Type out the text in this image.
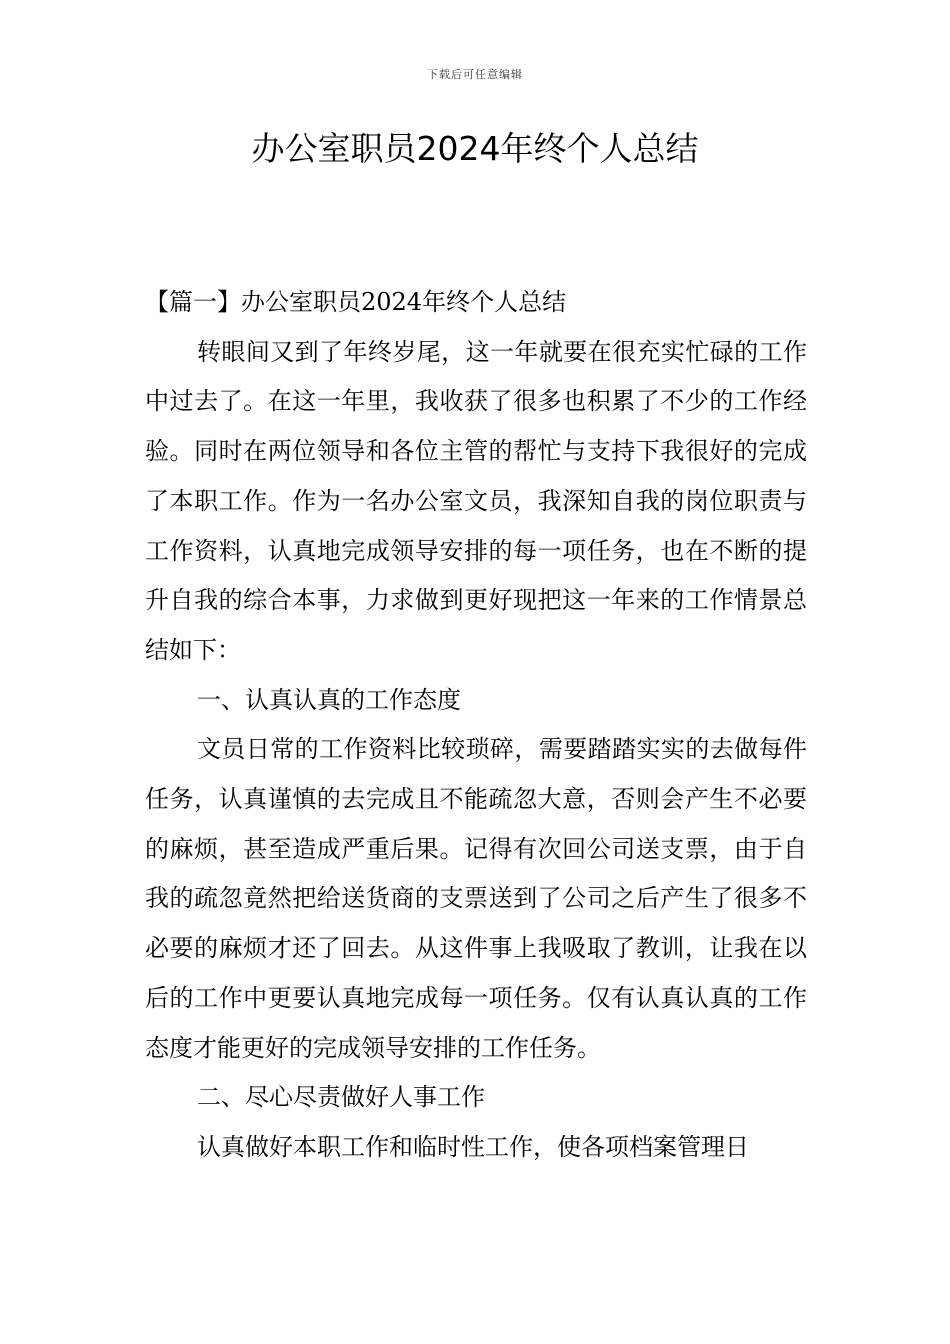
下载后可任意编辑
办公室职员2024年终个人总结

【篇一】办公室职员2024年终个人总结

转眼间又到了年终岁尾，这一年就要在很充实忙碌的工作中过去了。在这一年里，我收获了很多也积累了不少的工作经验。同时在两位领导和各位主管的帮忙与支持下我很好的完成了本职工作。作为一名办公室文员，我深知自我的岗位职责与工作资料，认真地完成领导安排的每一项任务，也在不断的提升自我的综合本事，力求做到更好现把这一年来的工作情景总结如下：

一、认真认真的工作态度

文员日常的工作资料比较琐碎，需要踏踏实实的去做每件任务，认真谨慎的去完成且不能疏忽大意，否则会产生不必要的麻烦，甚至造成严重后果。记得有次回公司送支票，由于自我的疏忽竟然把给送货商的支票送到了公司之后产生了很多不必要的麻烦才还了回去。从这件事上我吸取了教训，让我在以后的工作中更要认真地完成每一项任务。仅有认真认真的工作态度才能更好的完成领导安排的工作任务。

二、尽心尽责做好人事工作

认真做好本职工作和临时性工作，使各项档案管理日
